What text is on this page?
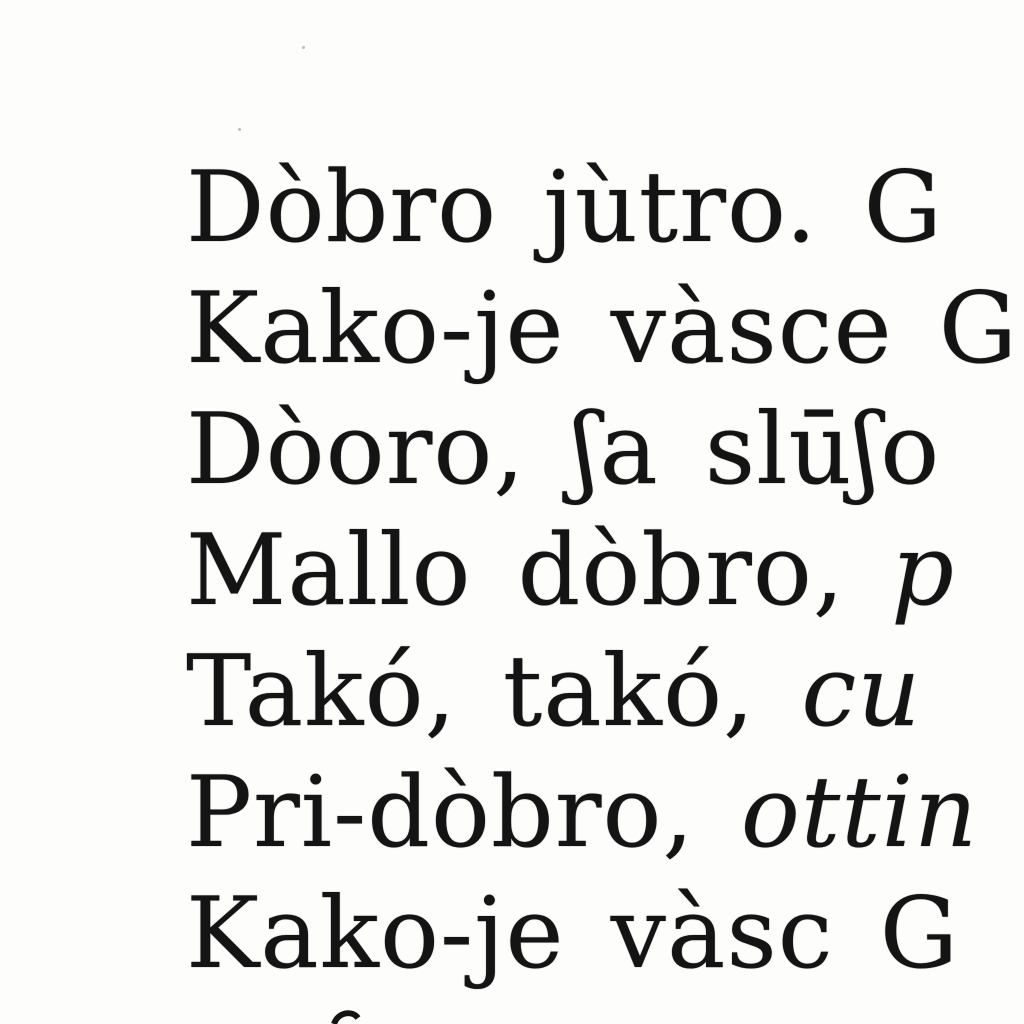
Dòbro jùtro. G
Kako-je vàsce G
Dòoro, ʃa slūʃo
Mallo dòbro, p
Takó, takó, cu
Pri-dòbro, ottin
Kako-je vàsc G
